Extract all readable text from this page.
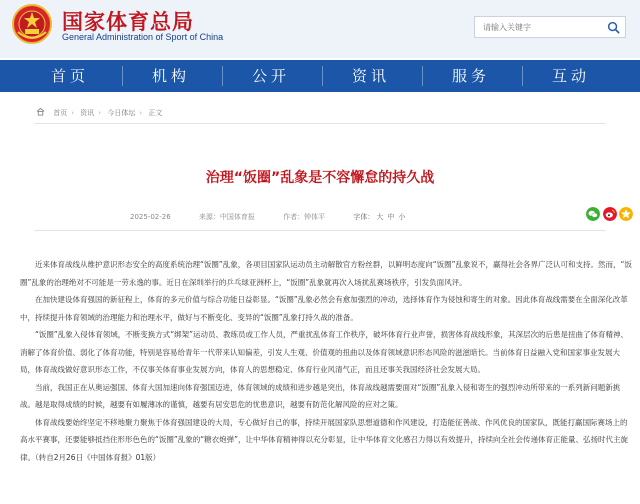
国家体育总局
General Administration of Sport of China
请输入关键字
首页	机构	公开	资讯	服务	互动
首页 › 资讯 › 今日体坛 › 正文
治理“饭圈”乱象是不容懈怠的持久战
2025-02-26	来源：中国体育报	作者：钟体平	字体： 大 中 小

近来体育战线从维护意识形态安全的高度系统治理“饭圈”乱象，各项目国家队运动员主动解散官方粉丝群，以鲜明态度向“饭圈”乱象说不，赢得社会各界广泛认可和支持。然而，“饭圈”乱象的治理绝对不可能是一劳永逸的事。近日在深圳举行的乒乓球亚洲杯上，“饭圈”乱象就再次入场扰乱赛场秩序，引发负面风评。

在加快建设体育强国的新征程上，体育的多元价值与综合功能日益彰显。“饭圈”乱象必然会有愈加强烈的冲动，选择体育作为侵蚀和寄生的对象。因此体育战线需要在全面深化改革中，持续提升体育领域的治理能力和治理水平，做好与不断变化、变异的“饭圈”乱象打持久战的准备。

“饭圈”乱象入侵体育领域，不断变换方式“绑架”运动员、教练员或工作人员，严重扰乱体育工作秩序，破坏体育行业声誉，损害体育战线形象，其深层次的后患是扭曲了体育精神、消解了体育价值、弱化了体育功能，特别是容易给青年一代带来认知偏差，引发人生观、价值观的扭曲以及体育领域意识形态风险的滋滋暗长。当前体育日益融入党和国家事业发展大局，体育战线做好意识形态工作，不仅事关体育事业发展方向，体育人的思想稳定、体育行业风清气正，而且还事关我国经济社会发展大局。

当前，我国正在从奥运强国、体育大国加速向体育强国迈进，体育领域的成绩和进步越是突出，体育战线越需要面对“饭圈”乱象入侵和寄生的强烈冲动所带来的一系列新问题新挑战。越是取得成绩的时候，越要有如履薄冰的谨慎，越要有居安思危的忧患意识，越要有防范化解风险的应对之策。

体育战线要始终坚定不移地聚力聚焦于体育强国建设的大局，专心做好自己的事，持续开展国家队思想道德和作风建设，打造能征善战、作风优良的国家队，既能打赢国际赛场上的高水平赛事，还要能够抵挡住形形色色的“饭圈”乱象的“糖衣炮弹”，让中华体育精神得以充分彰显，让中华体育文化感召力得以有效提升，持续向全社会传递体育正能量、弘扬时代主旋律。（转自2月26日《中国体育报》01版）
